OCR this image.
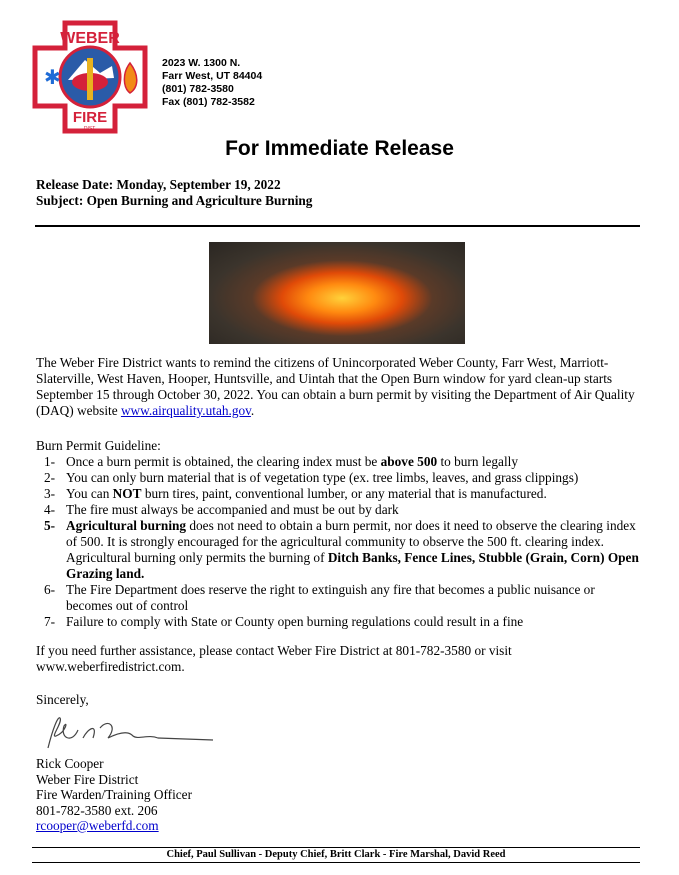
WEBER
FIRE
DIST.
✱
2023 W. 1300 N.
Farr West, UT 84404
(801) 782-3580
Fax (801) 782-3582
For Immediate Release
Release Date: Monday, September 19, 2022
Subject: Open Burning and Agriculture Burning
The Weber Fire District wants to remind the citizens of Unincorporated Weber County, Farr West, Marriott-Slaterville, West Haven, Hooper, Huntsville, and Uintah that the Open Burn window for yard clean-up starts September 15 through October 30, 2022. You can obtain a burn permit by visiting the Department of Air Quality (DAQ) website www.airquality.utah.gov.
Burn Permit Guideline:
1- Once a burn permit is obtained, the clearing index must be above 500 to burn legally
2- You can only burn material that is of vegetation type (ex. tree limbs, leaves, and grass clippings)
3- You can NOT burn tires, paint, conventional lumber, or any material that is manufactured.
4- The fire must always be accompanied and must be out by dark
5- Agricultural burning does not need to obtain a burn permit, nor does it need to observe the clearing index of 500. It is strongly encouraged for the agricultural community to observe the 500 ft. clearing index. Agricultural burning only permits the burning of Ditch Banks, Fence Lines, Stubble (Grain, Corn) Open Grazing land.
6- The Fire Department does reserve the right to extinguish any fire that becomes a public nuisance or becomes out of control
7- Failure to comply with State or County open burning regulations could result in a fine
If you need further assistance, please contact Weber Fire District at 801-782-3580 or visit www.weberfiredistrict.com.
Sincerely,
Rick Cooper
Weber Fire District
Fire Warden/Training Officer
801-782-3580 ext. 206
rcooper@weberfd.com
Chief, Paul Sullivan - Deputy Chief, Britt Clark - Fire Marshal, David Reed
